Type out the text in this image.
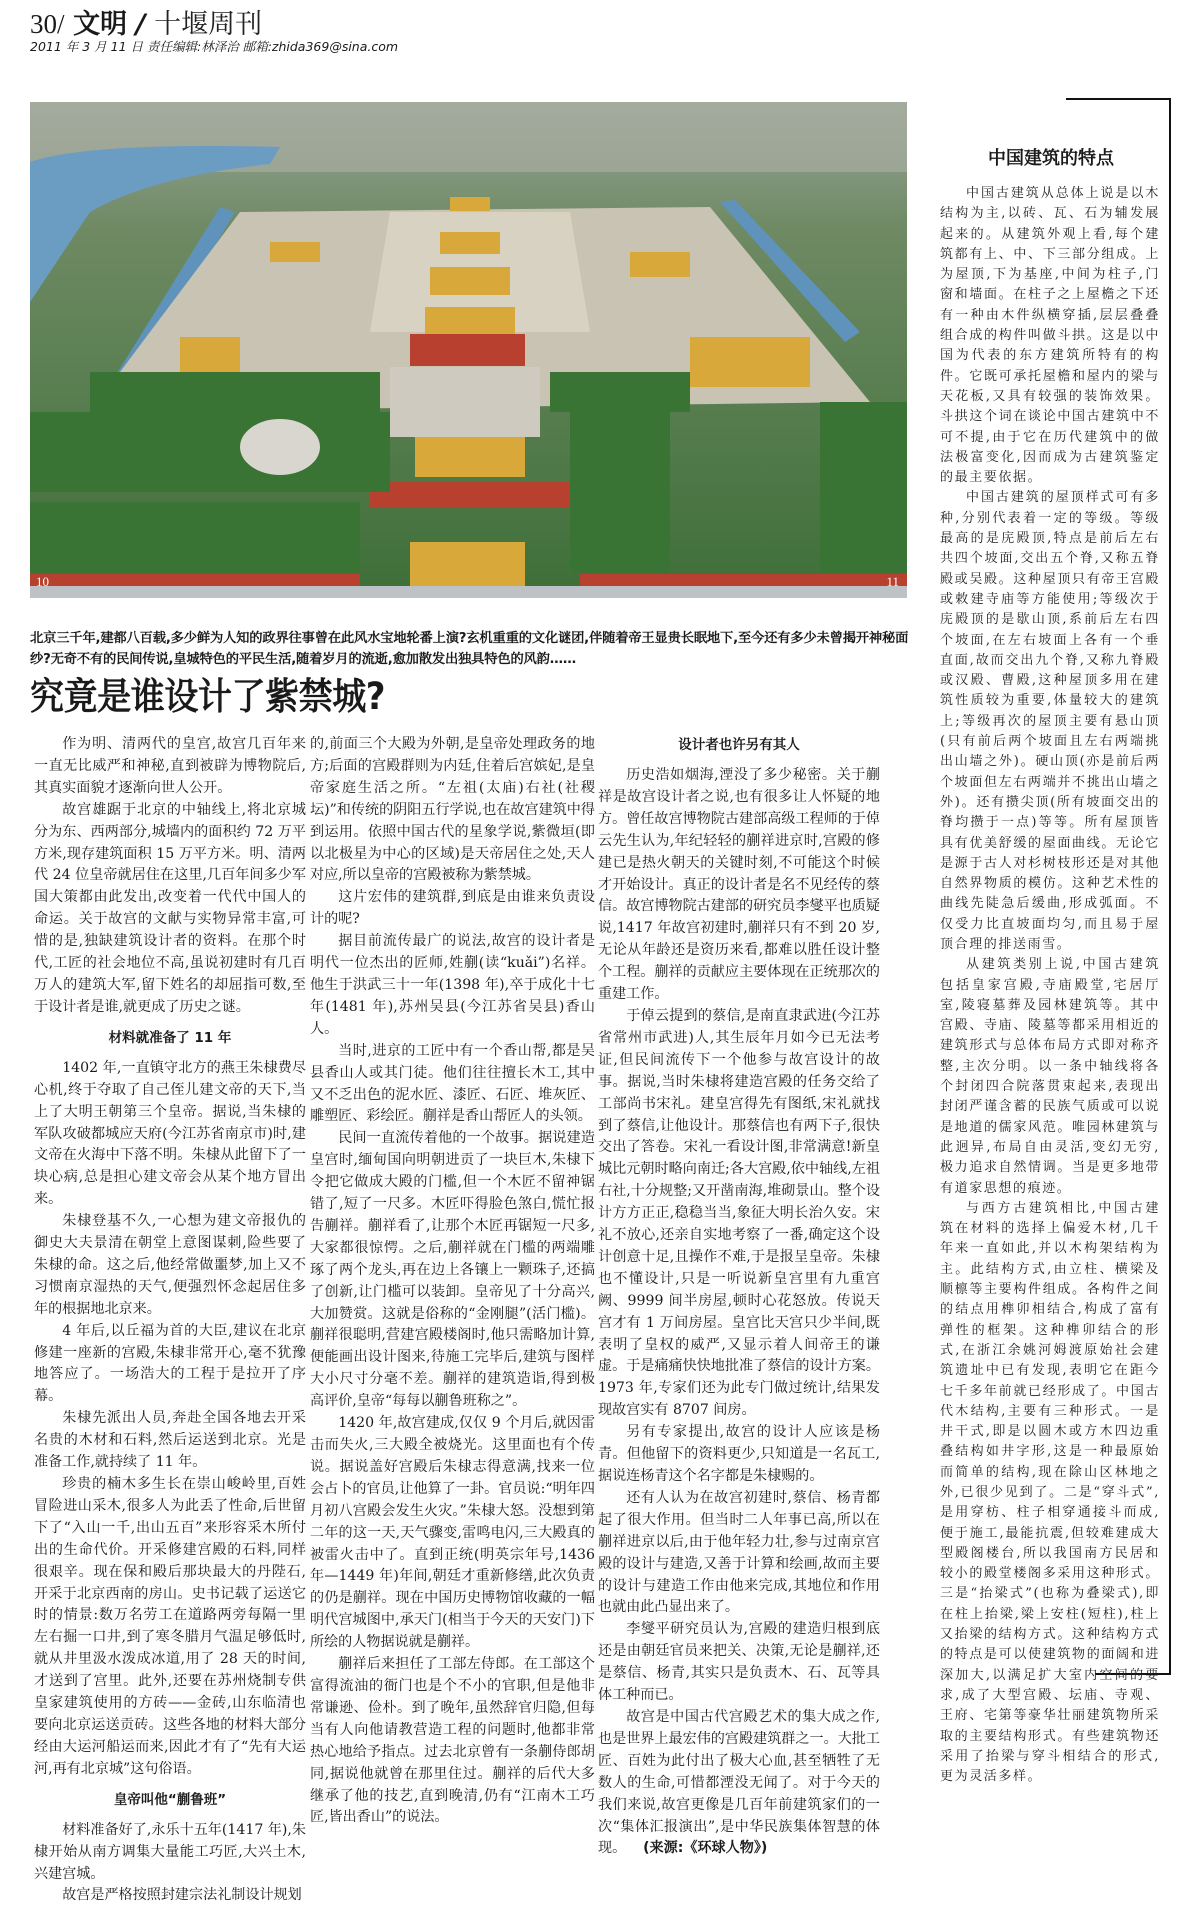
30/ 文明 / 十堰周刊
2011 年 3 月 11 日 责任编辑:林泽治 邮箱:zhida369@sina.com
10	11
北京三千年,建都八百载,多少鲜为人知的政界往事曾在此风水宝地轮番上演?玄机重重的文化谜团,伴随着帝王显贵长眠地下,至今还有多少未曾揭开神秘面纱?无奇不有的民间传说,皇城特色的平民生活,随着岁月的流逝,愈加散发出独具特色的风韵……
究竟是谁设计了紫禁城?

作为明、清两代的皇宫,故宫几百年来一直无比威严和神秘,直到被辟为博物院后,其真实面貌才逐渐向世人公开。

故宫雄踞于北京的中轴线上,将北京城分为东、西两部分,城墙内的面积约 72 万平方米,现存建筑面积 15 万平方米。明、清两代 24 位皇帝就居住在这里,几百年间多少军国大策都由此发出,改变着一代代中国人的命运。关于故宫的文献与实物异常丰富,可惜的是,独缺建筑设计者的资料。在那个时代,工匠的社会地位不高,虽说初建时有几百万人的建筑大军,留下姓名的却屈指可数,至于设计者是谁,就更成了历史之谜。

材料就准备了 11 年

1402 年,一直镇守北方的燕王朱棣费尽心机,终于夺取了自己侄儿建文帝的天下,当上了大明王朝第三个皇帝。据说,当朱棣的军队攻破都城应天府(今江苏省南京市)时,建文帝在火海中下落不明。朱棣从此留下了一块心病,总是担心建文帝会从某个地方冒出来。

朱棣登基不久,一心想为建文帝报仇的御史大夫景清在朝堂上意图谋刺,险些要了朱棣的命。这之后,他经常做噩梦,加上又不习惯南京湿热的天气,便强烈怀念起居住多年的根据地北京来。

4 年后,以丘福为首的大臣,建议在北京修建一座新的宫殿,朱棣非常开心,毫不犹豫地答应了。一场浩大的工程于是拉开了序幕。

朱棣先派出人员,奔赴全国各地去开采名贵的木材和石料,然后运送到北京。光是准备工作,就持续了 11 年。

珍贵的楠木多生长在崇山峻岭里,百姓冒险进山采木,很多人为此丢了性命,后世留下了“入山一千,出山五百”来形容采木所付出的生命代价。开采修建宫殿的石料,同样很艰辛。现在保和殿后那块最大的丹陛石,开采于北京西南的房山。史书记载了运送它时的情景:数万名劳工在道路两旁每隔一里左右掘一口井,到了寒冬腊月气温足够低时,就从井里汲水泼成冰道,用了 28 天的时间,才送到了宫里。此外,还要在苏州烧制专供皇家建筑使用的方砖——金砖,山东临清也要向北京运送贡砖。这些各地的材料大部分经由大运河船运而来,因此才有了“先有大运河,再有北京城”这句俗语。

皇帝叫他“蒯鲁班”

材料准备好了,永乐十五年(1417 年),朱棣开始从南方调集大量能工巧匠,大兴土木,兴建宫城。

故宫是严格按照封建宗法礼制设计规划

的,前面三个大殿为外朝,是皇帝处理政务的地方;后面的宫殿群则为内廷,住着后宫嫔妃,是皇帝家庭生活之所。“左祖(太庙)右社(社稷坛)”和传统的阴阳五行学说,也在故宫建筑中得到运用。依照中国古代的星象学说,紫微垣(即以北极星为中心的区域)是天帝居住之处,天人对应,所以皇帝的宫殿被称为紫禁城。

这片宏伟的建筑群,到底是由谁来负责设计的呢?

据目前流传最广的说法,故宫的设计者是明代一位杰出的匠师,姓蒯(读“kuǎi”)名祥。他生于洪武三十一年(1398 年),卒于成化十七年(1481 年),苏州吴县(今江苏省吴县)香山人。

当时,进京的工匠中有一个香山帮,都是吴县香山人或其门徒。他们往往擅长木工,其中又不乏出色的泥水匠、漆匠、石匠、堆灰匠、雕塑匠、彩绘匠。蒯祥是香山帮匠人的头领。

民间一直流传着他的一个故事。据说建造皇宫时,缅甸国向明朝进贡了一块巨木,朱棣下令把它做成大殿的门槛,但一个木匠不留神锯错了,短了一尺多。木匠吓得脸色煞白,慌忙报告蒯祥。蒯祥看了,让那个木匠再锯短一尺多,大家都很惊愕。之后,蒯祥就在门槛的两端雕琢了两个龙头,再在边上各镶上一颗珠子,还搞了创新,让门槛可以装卸。皇帝见了十分高兴,大加赞赏。这就是俗称的“金刚腿”(活门槛)。蒯祥很聪明,营建宫殿楼阁时,他只需略加计算,便能画出设计图来,待施工完毕后,建筑与图样大小尺寸分毫不差。蒯祥的建筑造诣,得到极高评价,皇帝“每每以蒯鲁班称之”。

1420 年,故宫建成,仅仅 9 个月后,就因雷击而失火,三大殿全被烧光。这里面也有个传说。据说盖好宫殿后朱棣志得意满,找来一位会占卜的官员,让他算了一卦。官员说:“明年四月初八宫殿会发生火灾。”朱棣大怒。没想到第二年的这一天,天气骤变,雷鸣电闪,三大殿真的被雷火击中了。直到正统(明英宗年号,1436 年—1449 年)年间,朝廷才重新修缮,此次负责的仍是蒯祥。现在中国历史博物馆收藏的一幅明代宫城图中,承天门(相当于今天的天安门)下所绘的人物据说就是蒯祥。

蒯祥后来担任了工部左侍郎。在工部这个富得流油的衙门也是个不小的官职,但是他非常谦逊、俭朴。到了晚年,虽然辞官归隐,但每当有人向他请教营造工程的问题时,他都非常热心地给予指点。过去北京曾有一条蒯侍郎胡同,据说他就曾在那里住过。蒯祥的后代大多继承了他的技艺,直到晚清,仍有“江南木工巧匠,皆出香山”的说法。

设计者也许另有其人

历史浩如烟海,湮没了多少秘密。关于蒯祥是故宫设计者之说,也有很多让人怀疑的地方。曾任故宫博物院古建部高级工程师的于倬云先生认为,年纪轻轻的蒯祥进京时,宫殿的修建已是热火朝天的关键时刻,不可能这个时候才开始设计。真正的设计者是名不见经传的蔡信。故宫博物院古建部的研究员李燮平也质疑说,1417 年故宫初建时,蒯祥只有不到 20 岁,无论从年龄还是资历来看,都难以胜任设计整个工程。蒯祥的贡献应主要体现在正统那次的重建工作。

于倬云提到的蔡信,是南直隶武进(今江苏省常州市武进)人,其生辰年月如今已无法考证,但民间流传下一个他参与故宫设计的故事。据说,当时朱棣将建造宫殿的任务交给了工部尚书宋礼。建皇宫得先有图纸,宋礼就找到了蔡信,让他设计。那蔡信也有两下子,很快交出了答卷。宋礼一看设计图,非常满意!新皇城比元朝时略向南迁;各大宫殿,依中轴线,左祖右社,十分规整;又开凿南海,堆砌景山。整个设计方方正正,稳稳当当,象征大明长治久安。宋礼不放心,还亲自实地考察了一番,确定这个设计创意十足,且操作不难,于是报呈皇帝。朱棣也不懂设计,只是一听说新皇宫里有九重宫阙、9999 间半房屋,顿时心花怒放。传说天宫才有 1 万间房屋。皇宫比天宫只少半间,既表明了皇权的威严,又显示着人间帝王的谦虚。于是痛痛快快地批准了蔡信的设计方案。1973 年,专家们还为此专门做过统计,结果发现故宫实有 8707 间房。

另有专家提出,故宫的设计人应该是杨青。但他留下的资料更少,只知道是一名瓦工,据说连杨青这个名字都是朱棣赐的。

还有人认为在故宫初建时,蔡信、杨青都起了很大作用。但当时二人年事已高,所以在蒯祥进京以后,由于他年轻力壮,参与过南京宫殿的设计与建造,又善于计算和绘画,故而主要的设计与建造工作由他来完成,其地位和作用也就由此凸显出来了。

李燮平研究员认为,宫殿的建造归根到底还是由朝廷官员来把关、决策,无论是蒯祥,还是蔡信、杨青,其实只是负责木、石、瓦等具体工种而已。

故宫是中国古代宫殿艺术的集大成之作,也是世界上最宏伟的宫殿建筑群之一。大批工匠、百姓为此付出了极大心血,甚至牺牲了无数人的生命,可惜都湮没无闻了。对于今天的我们来说,故宫更像是几百年前建筑家们的一次“集体汇报演出”,是中华民族集体智慧的体现。 (来源:《环球人物》)

中国建筑的特点

中国古建筑从总体上说是以木结构为主,以砖、瓦、石为辅发展起来的。从建筑外观上看,每个建筑都有上、中、下三部分组成。上为屋顶,下为基座,中间为柱子,门窗和墙面。在柱子之上屋檐之下还有一种由木件纵横穿插,层层叠叠组合成的构件叫做斗拱。这是以中国为代表的东方建筑所特有的构件。它既可承托屋檐和屋内的梁与天花板,又具有较强的装饰效果。斗拱这个词在谈论中国古建筑中不可不提,由于它在历代建筑中的做法极富变化,因而成为古建筑鉴定的最主要依据。

中国古建筑的屋顶样式可有多种,分别代表着一定的等级。等级最高的是庑殿顶,特点是前后左右共四个坡面,交出五个脊,又称五脊殿或吴殿。这种屋顶只有帝王宫殿或敕建寺庙等方能使用;等级次于庑殿顶的是歇山顶,系前后左右四个坡面,在左右坡面上各有一个垂直面,故而交出九个脊,又称九脊殿或汉殿、曹殿,这种屋顶多用在建筑性质较为重要,体量较大的建筑上;等级再次的屋顶主要有悬山顶(只有前后两个坡面且左右两端挑出山墙之外)。硬山顶(亦是前后两个坡面但左右两端并不挑出山墙之外)。还有攒尖顶(所有坡面交出的脊均攒于一点)等等。所有屋顶皆具有优美舒缓的屋面曲线。无论它是源于古人对杉树枝形还是对其他自然界物质的模仿。这种艺术性的曲线先陡急后缓曲,形成弧面。不仅受力比直坡面均匀,而且易于屋顶合理的排送雨雪。

从建筑类别上说,中国古建筑包括皇家宫殿,寺庙殿堂,宅居厅室,陵寝墓葬及园林建筑等。其中宫殿、寺庙、陵墓等都采用相近的建筑形式与总体布局方式即对称齐整,主次分明。以一条中轴线将各个封闭四合院落贯束起来,表现出封闭严谨含蓄的民族气质或可以说是地道的儒家风范。唯园林建筑与此迥异,布局自由灵活,变幻无穷,极力追求自然情调。当是更多地带有道家思想的痕迹。

与西方古建筑相比,中国古建筑在材料的选择上偏爱木材,几千年来一直如此,并以木构架结构为主。此结构方式,由立柱、横梁及顺檩等主要构件组成。各构件之间的结点用榫卯相结合,构成了富有弹性的框架。这种榫卯结合的形式,在浙江余姚河姆渡原始社会建筑遗址中已有发现,表明它在距今七千多年前就已经形成了。中国古代木结构,主要有三种形式。一是井干式,即是以圆木或方木四边重叠结构如井字形,这是一种最原始而简单的结构,现在除山区林地之外,已很少见到了。二是“穿斗式”,是用穿枋、柱子相穿通接斗而成,便于施工,最能抗震,但较难建成大型殿阁楼台,所以我国南方民居和较小的殿堂楼阁多采用这种形式。三是“抬梁式”(也称为叠梁式),即在柱上抬梁,梁上安柱(短柱),柱上又抬梁的结构方式。这种结构方式的特点是可以使建筑物的面阔和进深加大,以满足扩大室内空间的要求,成了大型宫殿、坛庙、寺观、王府、宅第等豪华壮丽建筑物所采取的主要结构形式。有些建筑物还采用了抬梁与穿斗相结合的形式,更为灵活多样。
